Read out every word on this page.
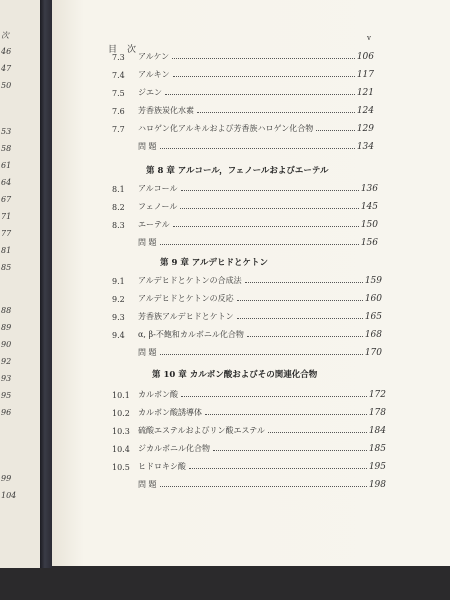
次
46
47
50
53
58
61
64
67
71
77
81
85
88
89
90
92
93
95
96
99
104
目次
v
7.3	アルケン	106
7.4	アルキン	117
7.5	ジエン	121
7.6	芳香族炭化水素	124
7.7	ハロゲン化アルキルおよび芳香族ハロゲン化合物	129
問 題	134
第 8 章 アルコール，フェノールおよびエーテル
8.1	アルコール	136
8.2	フェノール	145
8.3	エーテル	150
問 題	156
第 9 章 アルデヒドとケトン
9.1	アルデヒドとケトンの合成法	159
9.2	アルデヒドとケトンの反応	160
9.3	芳香族アルデヒドとケトン	165
9.4	α, β-不飽和カルボニル化合物	168
問 題	170
第 10 章 カルボン酸およびその関連化合物
10.1	カルボン酸	172
10.2	カルボン酸誘導体	178
10.3	硫酸エステルおよびリン酸エステル	184
10.4	ジカルボニル化合物	185
10.5	ヒドロキシ酸	195
問 題	198
